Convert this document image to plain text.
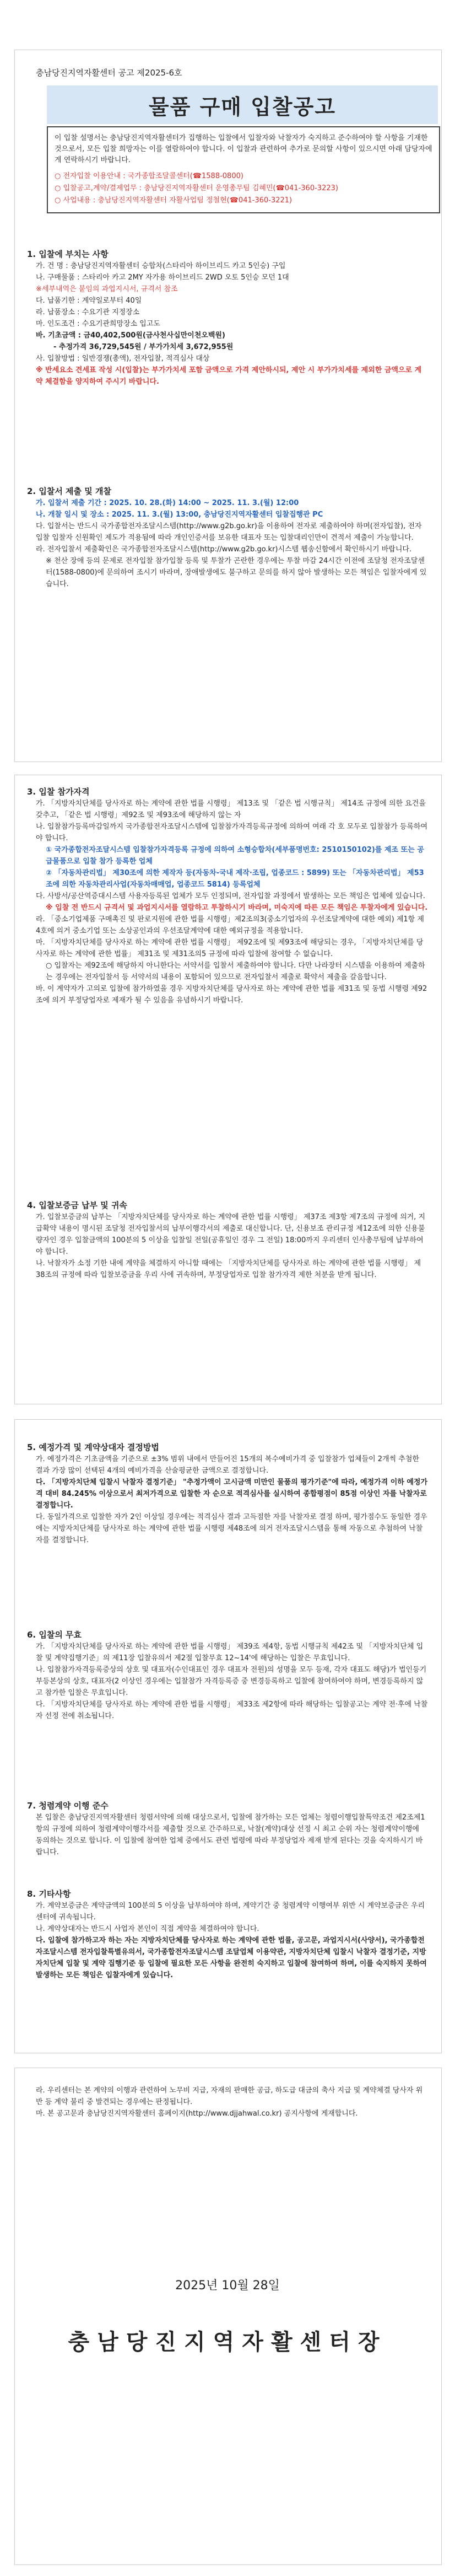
충남당진지역자활센터 공고 제2025-6호
물품 구매 입찰공고

이 입찰 설명서는 충남당진지역자활센터가 집행하는 입찰에서 입찰자와 낙찰자가 숙지하고 준수하여야 할 사항을 기재한 것으로서, 모든 입찰 희망자는 이를 열람하여야 합니다. 이 입찰과 관련하여 추가로 문의할 사항이 있으시면 아래 담당자에게 연락하시기 바랍니다.

○ 전자입찰 이용안내 : 국가종합조달콜센터(☎1588-0800)
○ 입찰공고,계약/결제업무 : 충남당진지역자활센터 운영총무팀 김혜민(☎041-360-3223)
○ 사업내용 : 충남당진지역자활센터 자활사업팀 정철현(☎041-360-3221)
1. 입찰에 부치는 사항

가. 건 명 : 충남당진지역자활센터 승합차(스타리아 하이브리드 카고 5인승) 구입

나. 구매물품 : 스타리아 카고 2MY 자가용 하이브리드 2WD 오토 5인승 모던 1대

※세부내역은 붙임의 과업지시서, 규격서 참조

다. 납품기한 : 계약일로부터 40일

라. 납품장소 : 수요기관 지정장소

마. 인도조건 : 수요기관희망장소 입고도

바. 기초금액 : 금40,402,500원(금사천사십만이천오백원)

- 추정가격 36,729,545원 / 부가가치세 3,672,955원

사. 입찰방법 : 일반경쟁(총액), 전자입찰, 적격심사 대상

※ 반세요소 견세표 작성 시(입찰)는 부가가치세 포함 금액으로 가격 제안하시되, 제안 시 부가가치세를 제외한 금액으로 계약 체결함을 양지하여 주시기 바랍니다.

2. 입찰서 제출 및 개찰

가. 입찰서 제출 기간 : 2025. 10. 28.(화) 14:00 ~ 2025. 11. 3.(월) 12:00

나. 개찰 일시 및 장소 : 2025. 11. 3.(월) 13:00, 충남당진지역자활센터 입찰집행관 PC

다. 입찰서는 반드시 국가종합전자조달시스템(http://www.g2b.go.kr)을 이용하여 전자로 제출하여야 하며(전자입찰), 전자입찰 입찰자 신원확인 제도가 적용됨에 따라 개인인증서를 보유한 대표자 또는 입찰대리인만이 견적서 제출이 가능합니다.

라. 전자입찰서 제출확인은 국가종합전자조달시스템(http://www.g2b.go.kr)시스템 웹송신함에서 확인하시기 바랍니다.

※ 천산 장애 등의 문제로 전자입찰 참가입찰 등록 및 투찰가 곤란한 경우에는 투찰 마감 24시간 이전에 조달청 전자조달센터(1588-0800)에 문의하여 조시기 바라며, 장애발생에도 불구하고 문의를 하지 않아 발생하는 모든 책임은 입찰자에게 있습니다.

3. 입찰 참가자격

가. 「지방자치단체를 당사자로 하는 계약에 관한 법률 시행령」 제13조 및 「같은 법 시행규칙」 제14조 규정에 의한 요건을 갖추고, 「같은 법 시행령」제92조 및 제93조에 해당하지 않는 자

나. 입찰참가등록마감일까지 국가종합전자조달시스템에 입찰참가자격등록규정에 의하여 여래 각 호 모두로 입찰참가 등록하여야 합니다.

① 국가종합전자조달시스템 입찰참가자격등록 규정에 의하여 소형승합차(세부품명번호: 2510150102)를 제조 또는 공급물품으로 입찰 참가 등록한 업체

② 「자동차관리법」 제30조에 의한 제작자 등(자동차-국내 제작·조립, 업종코드 : 5899) 또는 「자동차관리법」 제53조에 의한 자동차관리사업(자동차매매업, 업종코드 5814) 등록업체

다. 사방서/공산역증대시스템 사용자등록된 업체가 모두 인정되며, 전자입찰 과정에서 발생하는 모든 책임은 업체에 있습니다.

※ 입찰 전 반드시 규격서 및 과업지시서를 열람하고 투찰하시기 바라며, 미숙지에 따른 모든 책임은 투찰자에게 있습니다.

라. 「중소기업제품 구매촉진 및 판로지원에 관한 법률 시행령」제2조의3(중소기업자의 우선조달계약에 대한 예외) 제1항 제4호에 의거 중소기업 또는 소상공인과의 우선조달계약에 대한 예외규정을 적용합니다.

마. 「지방자치단체를 당사자로 하는 계약에 관한 법률 시행령」 제92조에 및 제93조에 해당되는 경우, 「지방자치단체를 당사자로 하는 계약에 관한 법률」 제31조 및 제31조의5 규정에 따라 입찰에 참여할 수 없습니다.

○ 입찰자는 제92조에 해당하지 아니한다는 서약서를 입찰서 제출하여야 합니다. 다만 나라장터 시스템을 이용하여 제출하는 경우에는 전자입찰서 등 서약서의 내용이 포함되어 있으므로 전자입찰서 제출로 확약서 제출을 갈음합니다.

바. 이 계약자가 고의로 입찰에 참가하였을 경우 지방자치단체를 당사자로 하는 계약에 관한 법률 제31조 및 동법 시행령 제92조에 의거 부정당업자로 제재가 될 수 있음을 유념하시기 바랍니다.

4. 입찰보증금 납부 및 귀속

가. 입찰보증금의 납부는 「지방자치단체를 당사자로 하는 계약에 관한 법률 시행령」 제37조 제3항 제7조의 규정에 의거, 지급확약 내용이 명시된 조달청 전자입찰서의 납부이행각서의 제출로 대신합니다. 단, 신용보조 관리규정 제12조에 의한 신용불량자인 경우 입찰금액의 100분의 5 이상을 입찰일 전일(공휴일인 경우 그 전일) 18:00까지 우리센터 인사총무팀에 납부하여야 합니다.

나. 낙찰자가 소정 기한 내에 계약을 체결하지 아니할 때에는 「지방자치단체를 당사자로 하는 계약에 관한 법률 시행령」 제38조의 규정에 따라 입찰보증금을 우리 사에 귀속하며, 부정당업자로 입찰 참가자격 제한 처분을 받게 됩니다.

5. 예정가격 및 계약상대자 결정방법

가. 예정가격은 기초금액을 기준으로 ±3% 범위 내에서 만들어진 15개의 복수예비가격 중 입찰참가 업체들이 2개씩 추첨한 결과 가장 많이 선택된 4개의 예비가격을 산술평균한 금액으로 결정합니다.

다. 「지방자치단체 입찰시 낙찰자 결정기준」 "추정가액이 고시금액 미만인 물품의 평가기준"에 따라, 예정가격 이하 예정가격 대비 84.245% 이상으로서 최저가격으로 입찰한 자 순으로 적격심사를 실시하여 종합평점이 85점 이상인 자를 낙찰자로 결정합니다.

다. 동일가격으로 입찰한 자가 2인 이상일 경우에는 적격심사 결과 고득점한 자를 낙찰자로 결정 하며, 평가점수도 동일한 경우에는 지방자치단체를 당사자로 하는 계약에 관한 법률 시행령 제48조에 의거 전자조달시스템을 통해 자동으로 추첨하여 낙찰자를 결정합니다.

6. 입찰의 무효

가. 「지방자치단체를 당사자로 하는 계약에 관한 법률 시행령」 제39조 제4항, 동법 시행규칙 제42조 및 「지방자치단체 입찰 및 계약집행기준」의 제11장 입찰유의서 제2절 입찰무효 12~14'에 해당하는 입찰은 무효입니다.

나. 입찰참가자격등록증상의 상호 및 대표자(수인대표인 경우 대표자 전원)의 성명을 모두 등재, 각자 대표도 해당)가 법인등기부등본상의 상호, 대표자(2 이상인 경우에는 입찰참가 자격등록증 중 변경등록하고 입찰에 참여하여야 하며, 변경등록하지 않고 참가한 입찰은 무효입니다.

다. 「지방자치단체를 당사자로 하는 계약에 관한 법률 시행령」 제33조 제2항에 따라 해당하는 입찰공고는 계약 전·후에 낙찰자 선정 전에 취소됩니다.

7. 청렴계약 이행 준수

본 입찰은 충남당진지역자활센터 청렴서약에 의해 대상으로서, 입찰에 참가하는 모든 업체는 청렴이행입찰특약조건 제2조제1항의 규정에 의하여 청렴계약이행각서를 제출할 것으로 간주하므로, 낙찰(계약)대상 선정 시 최고 순위 자는 청렴계약이행에 동의하는 것으로 합니다. 이 입찰에 참여한 업체 중에서도 관련 법령에 따라 부정당업자 제재 받게 된다는 것을 숙지하시기 바랍니다.

8. 기타사항

가. 계약보증금은 계약금액의 100분의 5 이상을 납부하여야 하며, 계약기간 중 청렴계약 이행여부 위반 시 계약보증금은 우리센터에 귀속됩니다.

나. 계약상대자는 반드시 사업자 본인이 직접 계약을 체결하여야 합니다.

다. 입찰에 참가하고자 하는 자는 지방자치단체를 당사자로 하는 계약에 관한 법률, 공고문, 과업지시서(사양서), 국가종합전자조달시스템 전자입찰특별유의서, 국가종합전자조달시스템 조달업체 이용약관, 지방자치단체 입찰시 낙찰자 결정기준, 지방자치단체 입찰 및 계약 집행기준 등 입찰에 필요한 모든 사항을 완전히 숙지하고 입찰에 참여하여 하며, 이를 숙지하지 못하여 발생하는 모든 책임은 입찰자에게 있습니다.

라. 우리센터는 본 계약의 이행과 관련하여 노무비 지급, 자재의 판매한 공급, 하도급 대금의 축사 지급 및 계약체결 당사자 위반 등 계약 불리 중 발견되는 경우에는 판정됩니다.

마. 본 공고문과 충남당진지역자활센터 홈페이지(http://www.djjahwal.co.kr) 공지사항에 게재합니다.

2025년 10월 28일
충남당진지역자활센터장
